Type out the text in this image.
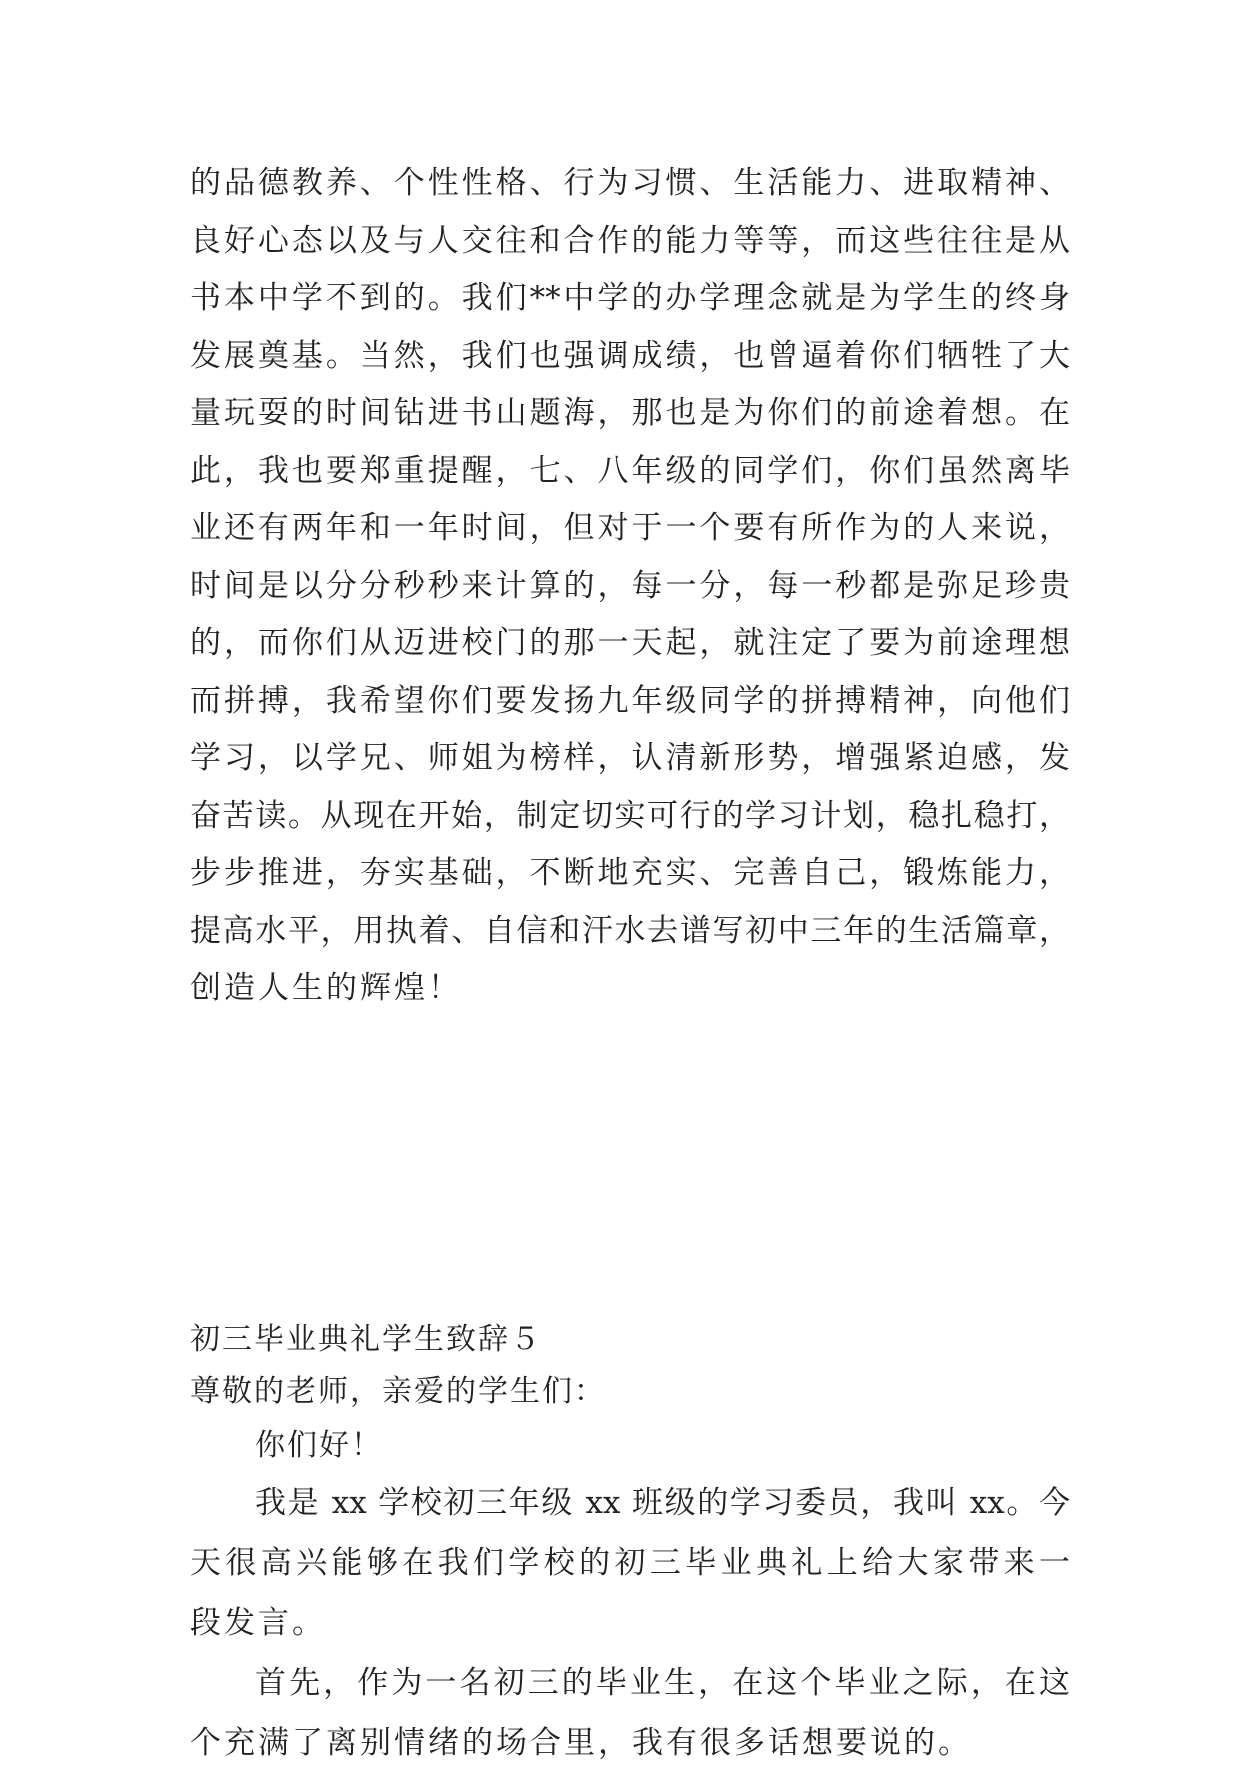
的品德教养、个性性格、行为习惯、生活能力、进取精神、
良好心态以及与人交往和合作的能力等等，而这些往往是从
书本中学不到的。我们**中学的办学理念就是为学生的终身
发展奠基。当然，我们也强调成绩，也曾逼着你们牺牲了大
量玩耍的时间钻进书山题海，那也是为你们的前途着想。在
此，我也要郑重提醒，七、八年级的同学们，你们虽然离毕
业还有两年和一年时间，但对于一个要有所作为的人来说，
时间是以分分秒秒来计算的，每一分，每一秒都是弥足珍贵
的，而你们从迈进校门的那一天起，就注定了要为前途理想
而拼搏，我希望你们要发扬九年级同学的拼搏精神，向他们
学习，以学兄、师姐为榜样，认清新形势，增强紧迫感，发
奋苦读。从现在开始，制定切实可行的学习计划，稳扎稳打，
步步推进，夯实基础，不断地充实、完善自己，锻炼能力，
提高水平，用执着、自信和汗水去谱写初中三年的生活篇章，
创造人生的辉煌！
初三毕业典礼学生致辞５
尊敬的老师，亲爱的学生们：
你们好！
我是 xx 学校初三年级 xx 班级的学习委员，我叫 xx。今
天很高兴能够在我们学校的初三毕业典礼上给大家带来一
段发言。
首先，作为一名初三的毕业生，在这个毕业之际，在这
个充满了离别情绪的场合里，我有很多话想要说的。
